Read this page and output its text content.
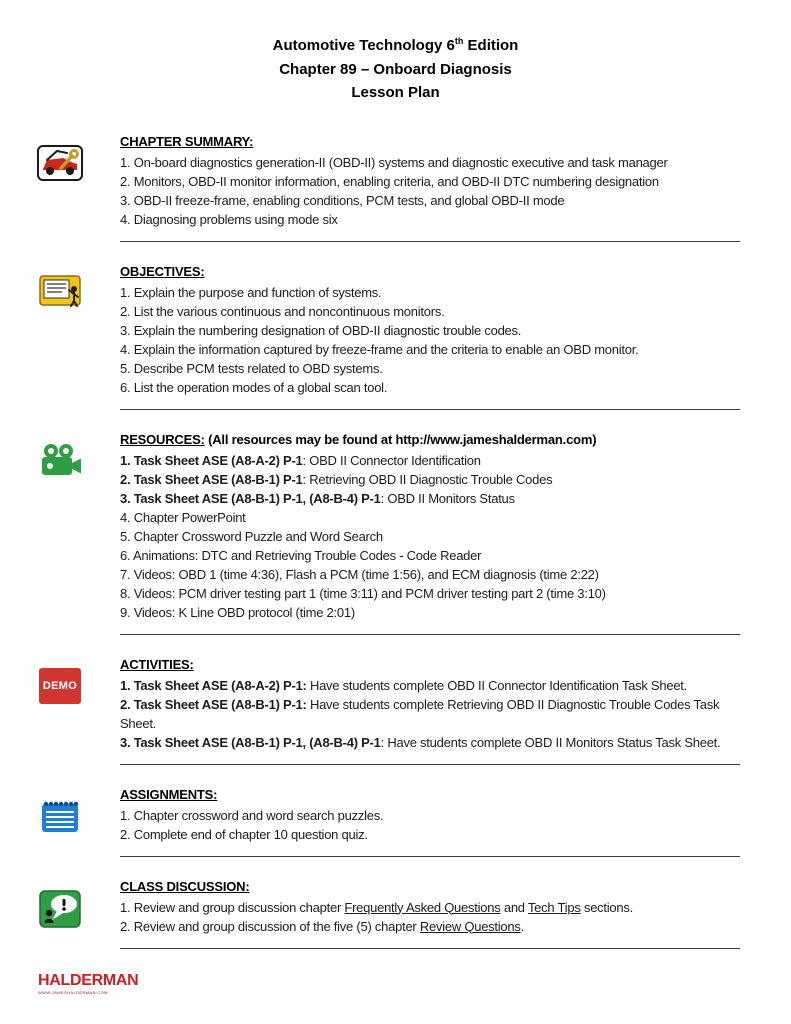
Automotive Technology 6th Edition
Chapter 89 – Onboard Diagnosis
Lesson Plan
CHAPTER SUMMARY:

1. On-board diagnostics generation-II (OBD-II) systems and diagnostic executive and task manager

2. Monitors, OBD-II monitor information, enabling criteria, and OBD-II DTC numbering designation

3. OBD-II freeze-frame, enabling conditions, PCM tests, and global OBD-II mode

4. Diagnosing problems using mode six

OBJECTIVES:

1. Explain the purpose and function of systems.

2. List the various continuous and noncontinuous monitors.

3. Explain the numbering designation of OBD-II diagnostic trouble codes.

4. Explain the information captured by freeze-frame and the criteria to enable an OBD monitor.

5. Describe PCM tests related to OBD systems.

6. List the operation modes of a global scan tool.

RESOURCES: (All resources may be found at http://www.jameshalderman.com)

1. Task Sheet ASE (A8-A-2) P-1: OBD II Connector Identification

2. Task Sheet ASE (A8-B-1) P-1: Retrieving OBD II Diagnostic Trouble Codes

3. Task Sheet ASE (A8-B-1) P-1, (A8-B-4) P-1: OBD II Monitors Status

4. Chapter PowerPoint

5. Chapter Crossword Puzzle and Word Search

6. Animations: DTC and Retrieving Trouble Codes - Code Reader

7. Videos: OBD 1 (time 4:36), Flash a PCM (time 1:56), and ECM diagnosis (time 2:22)

8. Videos: PCM driver testing part 1 (time 3:11) and PCM driver testing part 2 (time 3:10)

9. Videos: K Line OBD protocol (time 2:01)

DEMO
ACTIVITIES:

1. Task Sheet ASE (A8-A-2) P-1: Have students complete OBD II Connector Identification Task Sheet.

2. Task Sheet ASE (A8-B-1) P-1: Have students complete Retrieving OBD II Diagnostic Trouble Codes Task Sheet.

3. Task Sheet ASE (A8-B-1) P-1, (A8-B-4) P-1: Have students complete OBD II Monitors Status Task Sheet.

ASSIGNMENTS:

1. Chapter crossword and word search puzzles.

2. Complete end of chapter 10 question quiz.

CLASS DISCUSSION:

1. Review and group discussion chapter Frequently Asked Questions and Tech Tips sections.

2. Review and group discussion of the five (5) chapter Review Questions.

HALDERMAN
WWW.JAMESHALDERMAN.COM
